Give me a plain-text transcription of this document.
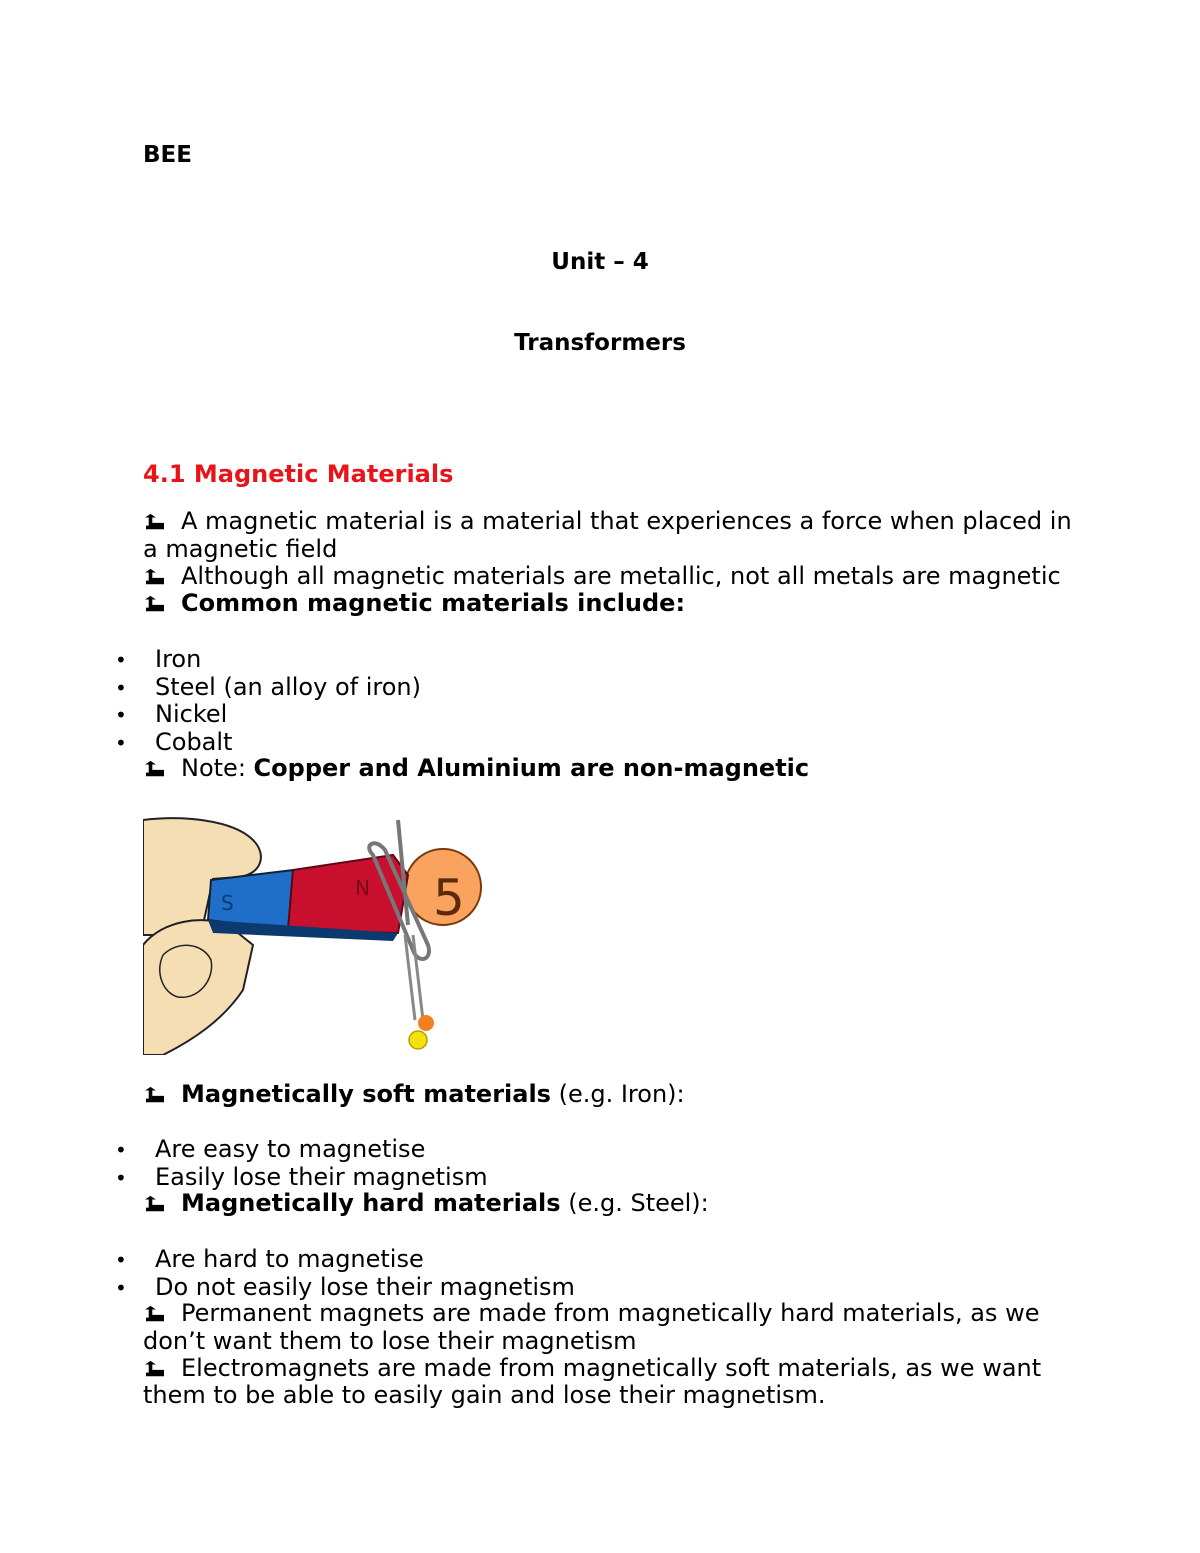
BEE
Unit – 4
Transformers
4.1 Magnetic Materials
A magnetic material is a material that experiences a force when placed in
a magnetic field
Although all magnetic materials are metallic, not all metals are magnetic
Common magnetic materials include:
• Iron
• Steel (an alloy of iron)
• Nickel
• Cobalt
Note: Copper and Aluminium are non-magnetic
5
S
N
Magnetically soft materials (e.g. Iron):
• Are easy to magnetise
• Easily lose their magnetism
Magnetically hard materials (e.g. Steel):
• Are hard to magnetise
• Do not easily lose their magnetism
Permanent magnets are made from magnetically hard materials, as we
don’t want them to lose their magnetism
Electromagnets are made from magnetically soft materials, as we want
them to be able to easily gain and lose their magnetism.
